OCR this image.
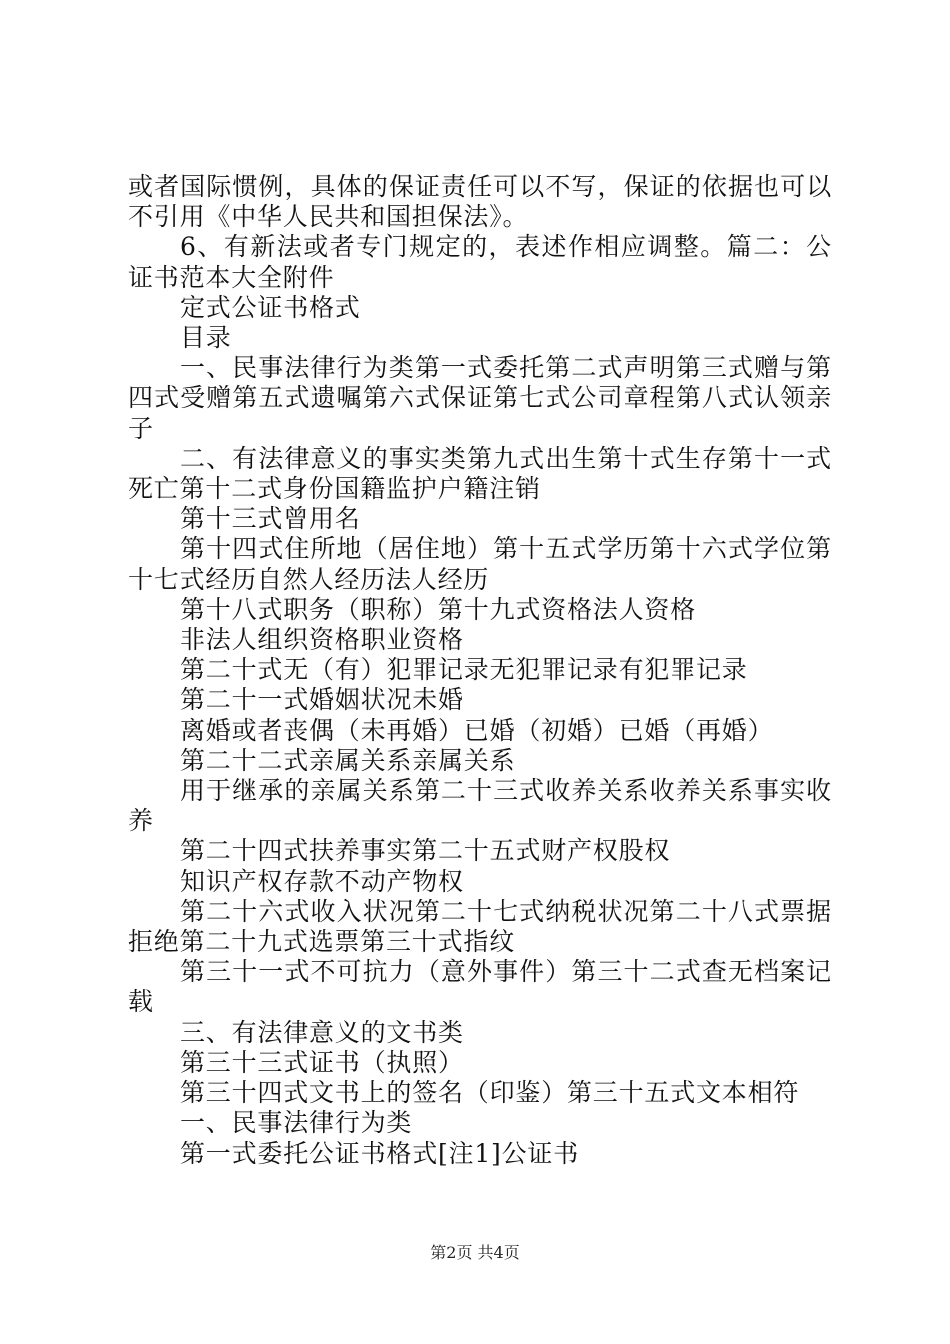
或者国际惯例，具体的保证责任可以不写，保证的依据也可以不引用《中华人民共和国担保法》。

6、有新法或者专门规定的，表述作相应调整。篇二：公证书范本大全附件

定式公证书格式

目录

一、民事法律行为类第一式委托第二式声明第三式赠与第四式受赠第五式遗嘱第六式保证第七式公司章程第八式认领亲子

二、有法律意义的事实类第九式出生第十式生存第十一式死亡第十二式身份国籍监护户籍注销

第十三式曾用名

第十四式住所地（居住地）第十五式学历第十六式学位第十七式经历自然人经历法人经历

第十八式职务（职称）第十九式资格法人资格

非法人组织资格职业资格

第二十式无（有）犯罪记录无犯罪记录有犯罪记录

第二十一式婚姻状况未婚

离婚或者丧偶（未再婚）已婚（初婚）已婚（再婚）

第二十二式亲属关系亲属关系

用于继承的亲属关系第二十三式收养关系收养关系事实收养

第二十四式扶养事实第二十五式财产权股权

知识产权存款不动产物权

第二十六式收入状况第二十七式纳税状况第二十八式票据拒绝第二十九式选票第三十式指纹

第三十一式不可抗力（意外事件）第三十二式查无档案记载

三、有法律意义的文书类

第三十三式证书（执照）

第三十四式文书上的签名（印鉴）第三十五式文本相符

一、民事法律行为类

第一式委托公证书格式[注1]公证书

第2页 共4页
